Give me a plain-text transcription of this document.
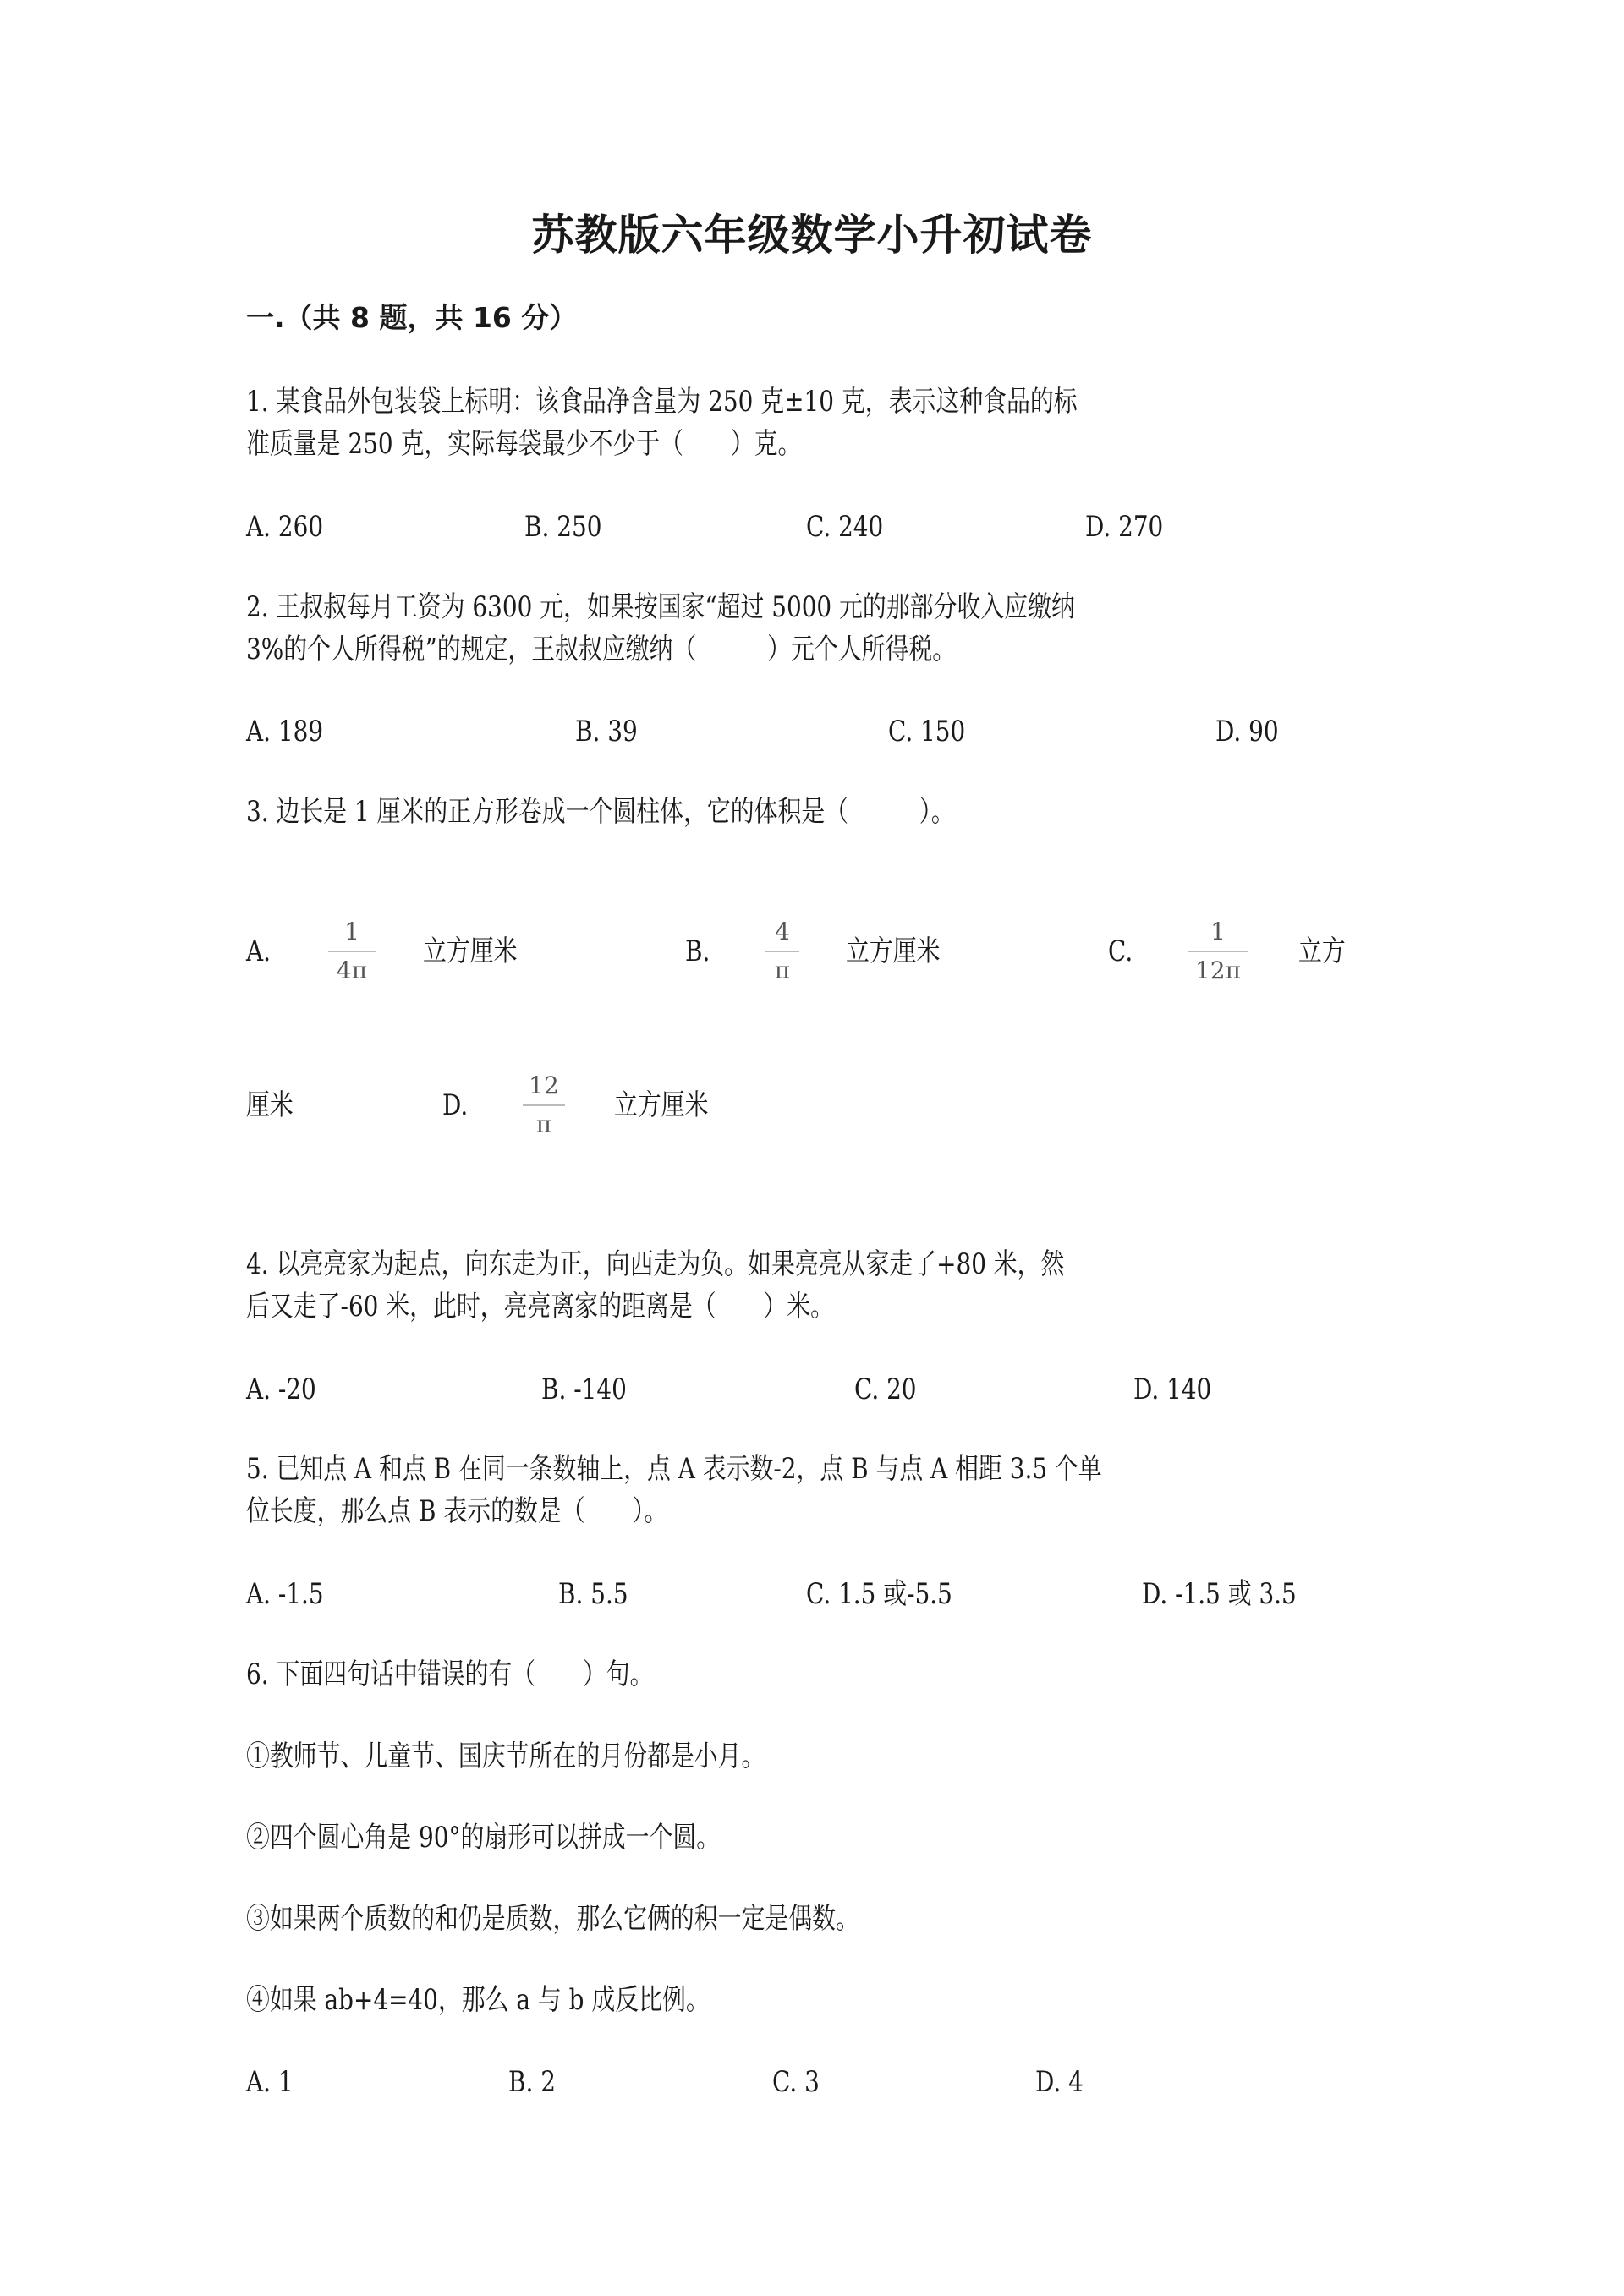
苏教版六年级数学小升初试卷
一.（共 8 题，共 16 分）
1. 某食品外包装袋上标明：该食品净含量为 250 克±10 克，表示这种食品的标
准质量是 250 克，实际每袋最少不少于（　　）克。
A. 260	B. 250	C. 240	D. 270
2. 王叔叔每月工资为 6300 元，如果按国家“超过 5000 元的那部分收入应缴纳
3%的个人所得税”的规定，王叔叔应缴纳（　　　）元个人所得税。
A. 189	B. 39	C. 150	D. 90
3. 边长是 1 厘米的正方形卷成一个圆柱体，它的体积是（　　　）。
A.
1
4π
立方厘米	B.
4
π
立方厘米	C.
1
12π
立方
厘米	D.
12
π
立方厘米
4. 以亮亮家为起点，向东走为正，向西走为负。如果亮亮从家走了+80 米，然
后又走了-60 米，此时，亮亮离家的距离是（　　）米。
A. -20	B. -140	C. 20	D. 140
5. 已知点 A 和点 B 在同一条数轴上，点 A 表示数-2，点 B 与点 A 相距 3.5 个单
位长度，那么点 B 表示的数是（　　）。
A. -1.5	B. 5.5	C. 1.5 或-5.5	D. -1.5 或 3.5
6. 下面四句话中错误的有（　　）句。
①教师节、儿童节、国庆节所在的月份都是小月。
②四个圆心角是 90°的扇形可以拼成一个圆。
③如果两个质数的和仍是质数，那么它俩的积一定是偶数。
④如果 ab+4=40，那么 a 与 b 成反比例。
A. 1	B. 2	C. 3	D. 4
